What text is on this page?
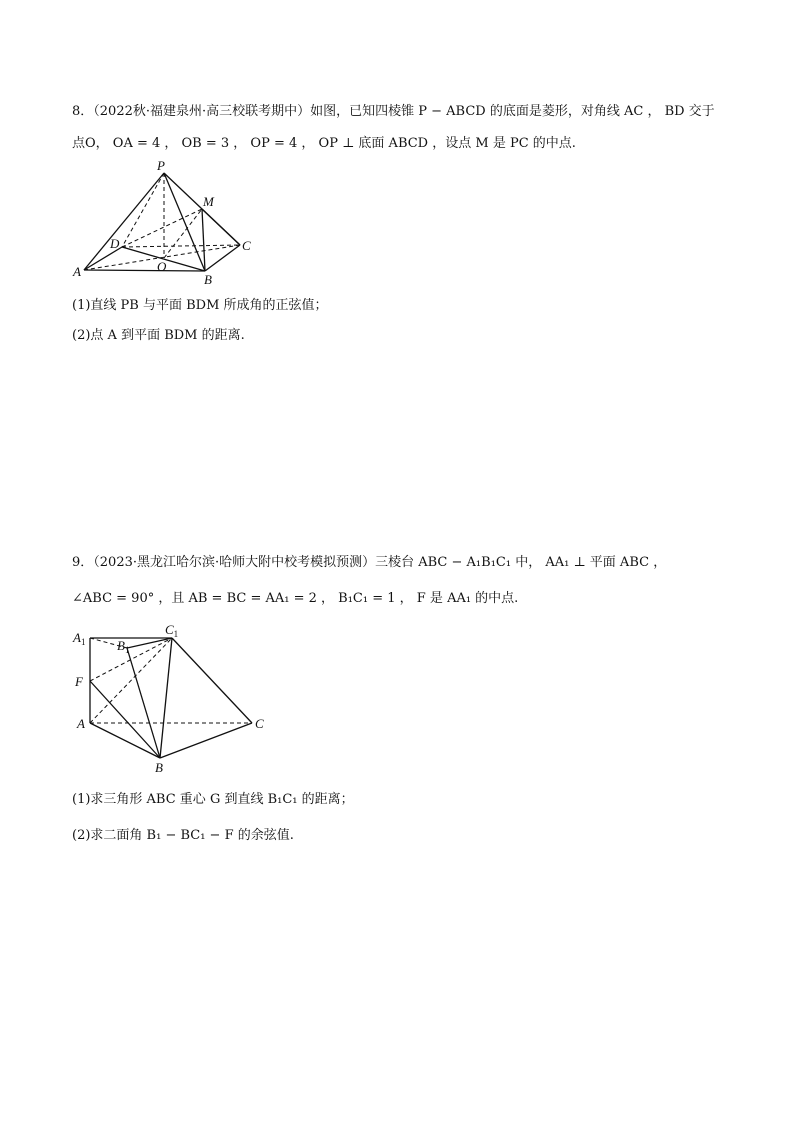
8．（2022秋·福建泉州·高三校联考期中）如图，已知四棱锥 P − ABCD 的底面是菱形，对角线 AC ， BD 交于
点O， OA = 4 ， OB = 3 ， OP = 4 ， OP ⊥ 底面 ABCD ，设点 M 是 PC 的中点.
P
M
D	C
A	O
B
(1)直线 PB 与平面 BDM 所成角的正弦值；
(2)点 A 到平面 BDM 的距离.
9．（2023·黑龙江哈尔滨·哈师大附中校考模拟预测）三棱台 ABC − A₁B₁C₁ 中， AA₁ ⊥ 平面 ABC ，
∠ABC = 90° ，且 AB = BC = AA₁ = 2 ， B₁C₁ = 1 ， F 是 AA₁ 的中点.
$A_1$ $B_1$
$C_1$
F
A	C
B
(1)求三角形 ABC 重心 G 到直线 B₁C₁ 的距离；
(2)求二面角 B₁ − BC₁ − F 的余弦值.
